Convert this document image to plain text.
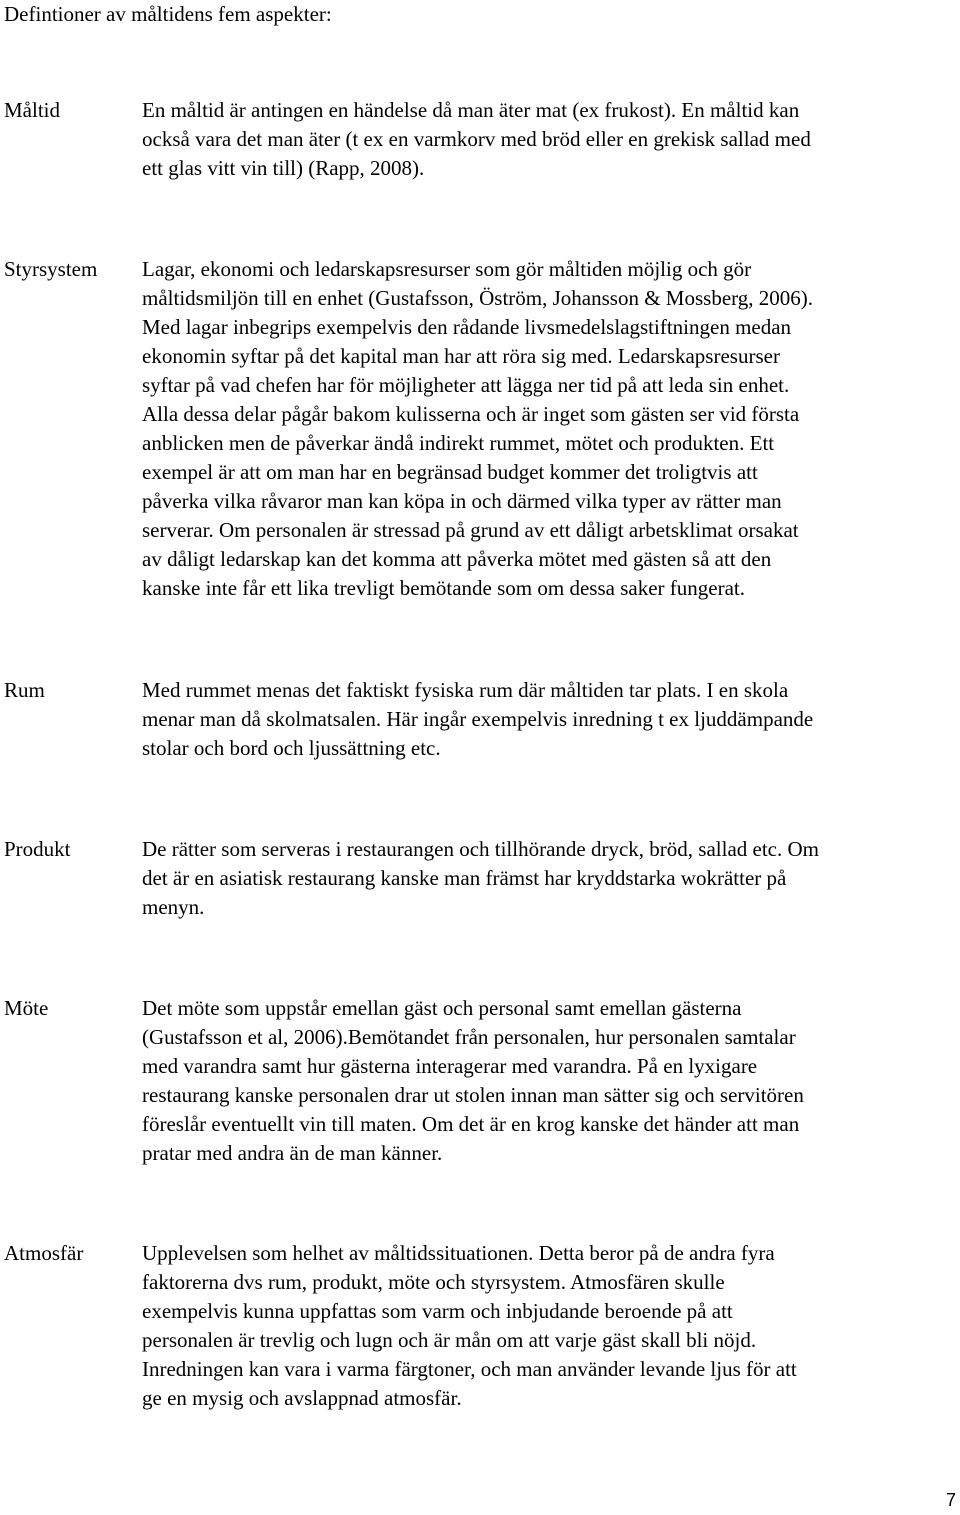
Defintioner av måltidens fem aspekter:
Måltid	En måltid är antingen en händelse då man äter mat (ex frukost). En måltid kan
också vara det man äter (t ex en varmkorv med bröd eller en grekisk sallad med
ett glas vitt vin till) (Rapp, 2008).
Styrsystem	Lagar, ekonomi och ledarskapsresurser som gör måltiden möjlig och gör
måltidsmiljön till en enhet (Gustafsson, Öström, Johansson & Mossberg, 2006).
Med lagar inbegrips exempelvis den rådande livsmedelslagstiftningen medan
ekonomin syftar på det kapital man har att röra sig med. Ledarskapsresurser
syftar på vad chefen har för möjligheter att lägga ner tid på att leda sin enhet.
Alla dessa delar pågår bakom kulisserna och är inget som gästen ser vid första
anblicken men de påverkar ändå indirekt rummet, mötet och produkten. Ett
exempel är att om man har en begränsad budget kommer det troligtvis att
påverka vilka råvaror man kan köpa in och därmed vilka typer av rätter man
serverar. Om personalen är stressad på grund av ett dåligt arbetsklimat orsakat
av dåligt ledarskap kan det komma att påverka mötet med gästen så att den
kanske inte får ett lika trevligt bemötande som om dessa saker fungerat.
Rum	Med rummet menas det faktiskt fysiska rum där måltiden tar plats. I en skola
menar man då skolmatsalen. Här ingår exempelvis inredning t ex ljuddämpande
stolar och bord och ljussättning etc.
Produkt	De rätter som serveras i restaurangen och tillhörande dryck, bröd, sallad etc. Om
det är en asiatisk restaurang kanske man främst har kryddstarka wokrätter på
menyn.
Möte	Det möte som uppstår emellan gäst och personal samt emellan gästerna
(Gustafsson et al, 2006).Bemötandet från personalen, hur personalen samtalar
med varandra samt hur gästerna interagerar med varandra. På en lyxigare
restaurang kanske personalen drar ut stolen innan man sätter sig och servitören
föreslår eventuellt vin till maten. Om det är en krog kanske det händer att man
pratar med andra än de man känner.
Atmosfär	Upplevelsen som helhet av måltidssituationen. Detta beror på de andra fyra
faktorerna dvs rum, produkt, möte och styrsystem. Atmosfären skulle
exempelvis kunna uppfattas som varm och inbjudande beroende på att
personalen är trevlig och lugn och är mån om att varje gäst skall bli nöjd.
Inredningen kan vara i varma färgtoner, och man använder levande ljus för att
ge en mysig och avslappnad atmosfär.
7
